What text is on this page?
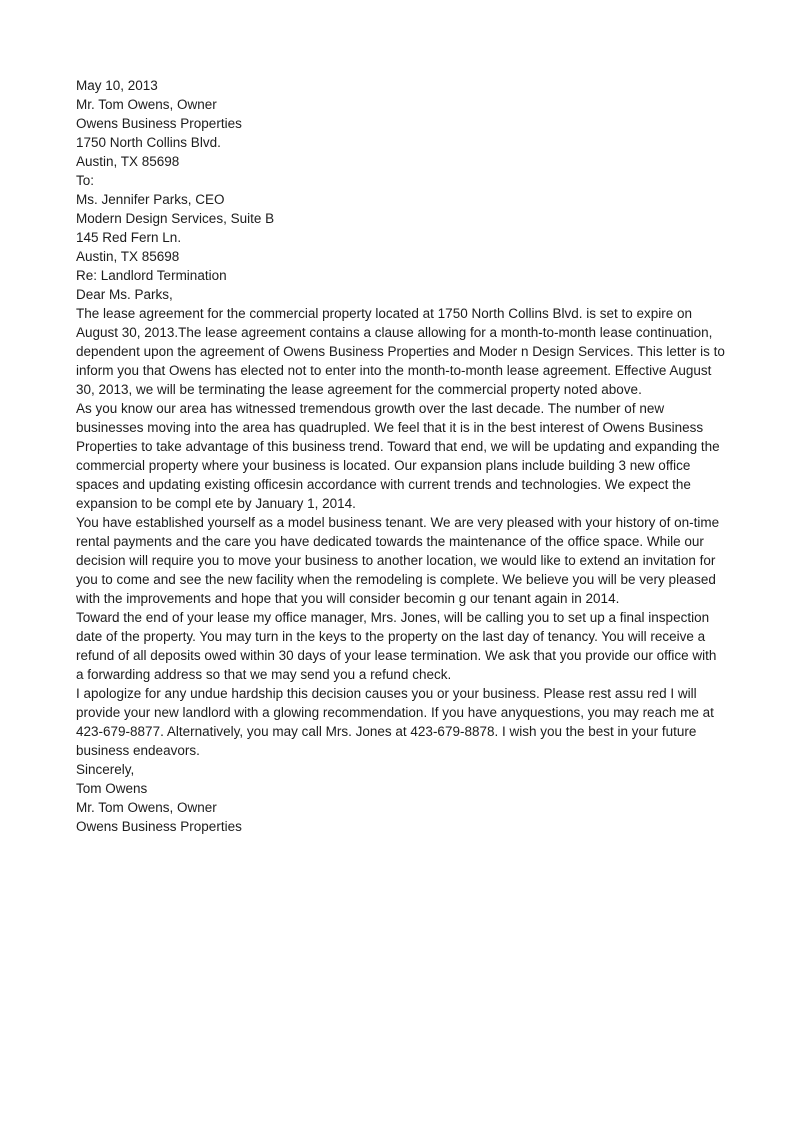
May 10, 2013
Mr. Tom Owens, Owner
Owens Business Properties
1750 North Collins Blvd.
Austin, TX 85698
To:
Ms. Jennifer Parks, CEO
Modern Design Services, Suite B
145 Red Fern Ln.
Austin, TX 85698
Re: Landlord Termination
Dear Ms. Parks,
The lease agreement for the commercial property located at 1750 North Collins Blvd. is set to expire on
August 30, 2013.The lease agreement contains a clause allowing for a month-to-month lease continuation,
dependent upon the agreement of Owens Business Properties and Moder n Design Services. This letter is to
inform you that Owens has elected not to enter into the month-to-month lease agreement. Effective August
30, 2013, we will be terminating the lease agreement for the commercial property noted above.
As you know our area has witnessed tremendous growth over the last decade. The number of new
businesses moving into the area has quadrupled. We feel that it is in the best interest of Owens Business
Properties to take advantage of this business trend. Toward that end, we will be updating and expanding the
commercial property where your business is located. Our expansion plans include building 3 new office
spaces and updating existing officesin accordance with current trends and technologies. We expect the
expansion to be compl ete by January 1, 2014.
You have established yourself as a model business tenant. We are very pleased with your history of on-time
rental payments and the care you have dedicated towards the maintenance of the office space. While our
decision will require you to move your business to another location, we would like to extend an invitation for
you to come and see the new facility when the remodeling is complete. We believe you will be very pleased
with the improvements and hope that you will consider becomin g our tenant again in 2014.
Toward the end of your lease my office manager, Mrs. Jones, will be calling you to set up a final inspection
date of the property. You may turn in the keys to the property on the last day of tenancy. You will receive a
refund of all deposits owed within 30 days of your lease termination. We ask that you provide our office with
a forwarding address so that we may send you a refund check.
I apologize for any undue hardship this decision causes you or your business. Please rest assu red I will
provide your new landlord with a glowing recommendation. If you have anyquestions, you may reach me at
423-679-8877. Alternatively, you may call Mrs. Jones at 423-679-8878. I wish you the best in your future
business endeavors.
Sincerely,
Tom Owens
Mr. Tom Owens, Owner
Owens Business Properties
